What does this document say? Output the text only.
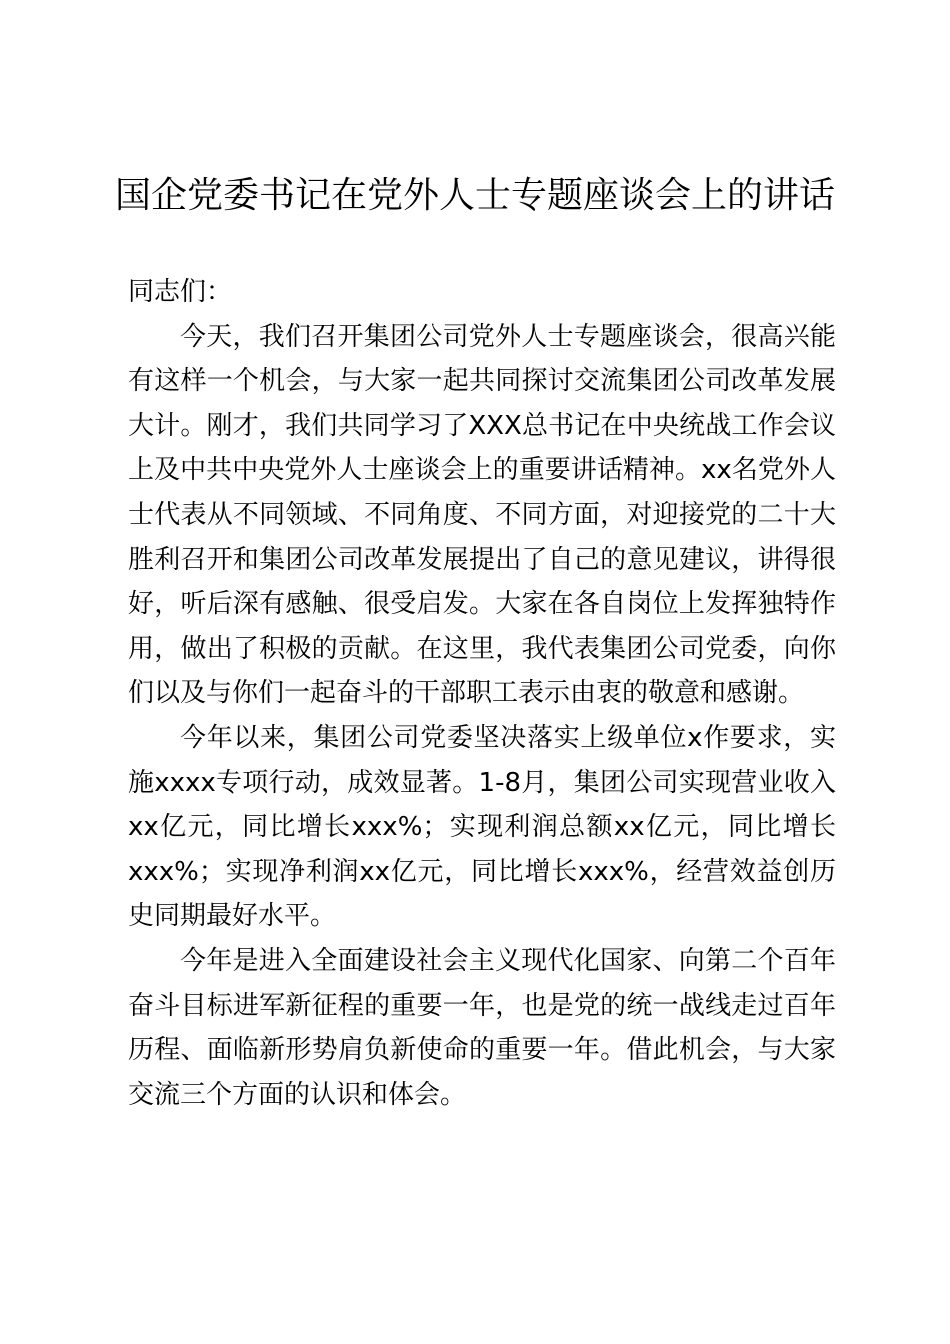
国企党委书记在党外人士专题座谈会上的讲话

同志们：

今天，我们召开集团公司党外人士专题座谈会，很高兴能有这样一个机会，与大家一起共同探讨交流集团公司改革发展大计。刚才，我们共同学习了XXX总书记在中央统战工作会议上及中共中央党外人士座谈会上的重要讲话精神。xx名党外人士代表从不同领域、不同角度、不同方面，对迎接党的二十大胜利召开和集团公司改革发展提出了自己的意见建议，讲得很好，听后深有感触、很受启发。大家在各自岗位上发挥独特作用，做出了积极的贡献。在这里，我代表集团公司党委，向你们以及与你们一起奋斗的干部职工表示由衷的敬意和感谢。

今年以来，集团公司党委坚决落实上级单位x作要求，实施xxxx专项行动，成效显著。1-8月，集团公司实现营业收入xx亿元，同比增长xxx%；实现利润总额xx亿元，同比增长xxx%；实现净利润xx亿元，同比增长xxx%，经营效益创历史同期最好水平。

今年是进入全面建设社会主义现代化国家、向第二个百年奋斗目标进军新征程的重要一年，也是党的统一战线走过百年历程、面临新形势肩负新使命的重要一年。借此机会，与大家交流三个方面的认识和体会。
